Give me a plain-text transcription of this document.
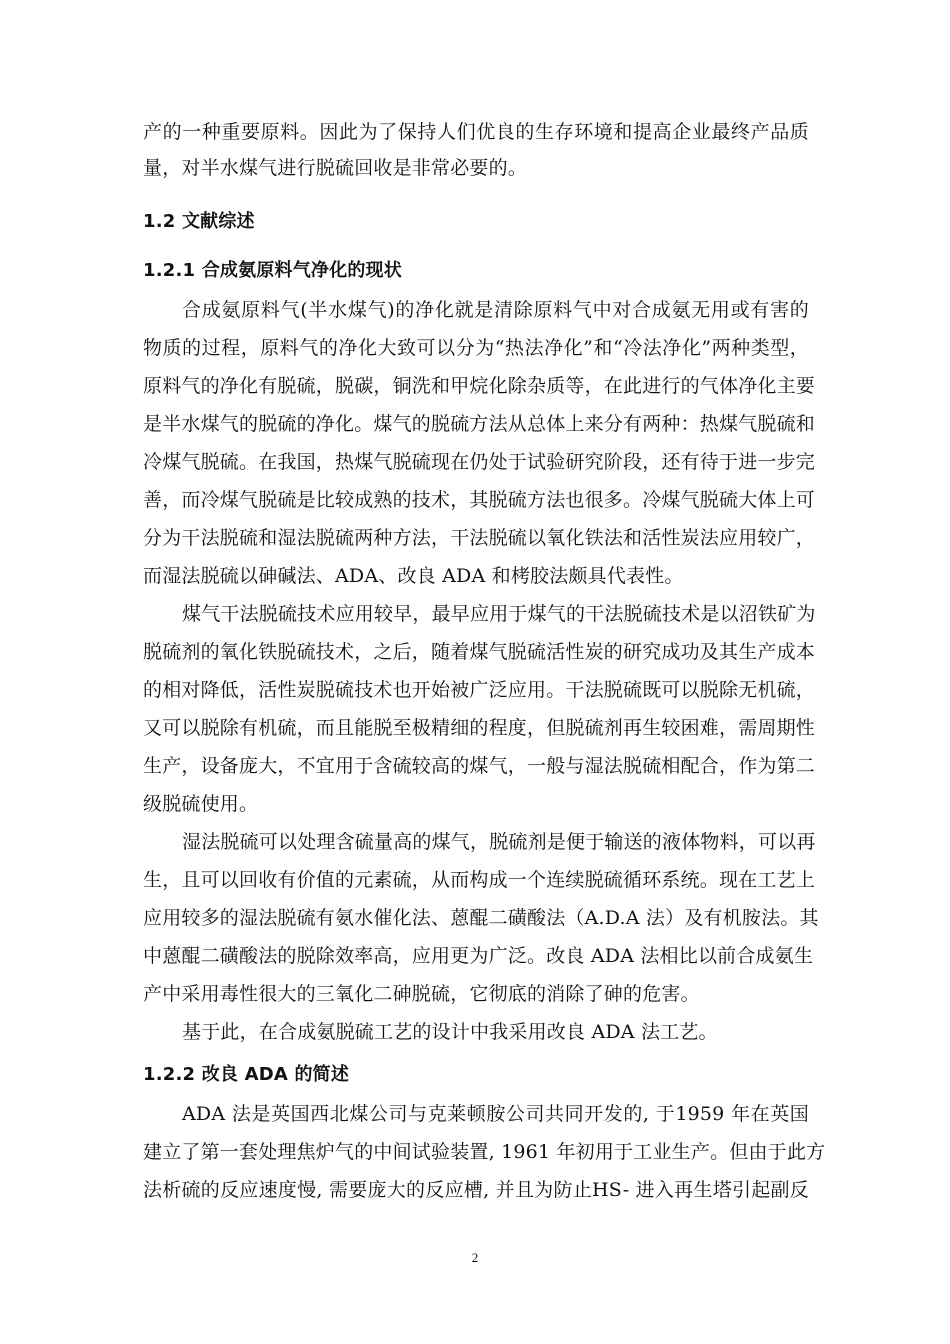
产的一种重要原料。因此为了保持人们优良的生存环境和提高企业最终产品质
量，对半水煤气进行脱硫回收是非常必要的。
1.2 文献综述
1.2.1 合成氨原料气净化的现状
合成氨原料气(半水煤气)的净化就是清除原料气中对合成氨无用或有害的
物质的过程，原料气的净化大致可以分为“热法净化”和“冷法净化”两种类型，
原料气的净化有脱硫，脱碳，铜洗和甲烷化除杂质等，在此进行的气体净化主要
是半水煤气的脱硫的净化。煤气的脱硫方法从总体上来分有两种：热煤气脱硫和
冷煤气脱硫。在我国，热煤气脱硫现在仍处于试验研究阶段，还有待于进一步完
善，而冷煤气脱硫是比较成熟的技术，其脱硫方法也很多。冷煤气脱硫大体上可
分为干法脱硫和湿法脱硫两种方法，干法脱硫以氧化铁法和活性炭法应用较广，
而湿法脱硫以砷碱法、ADA、改良 ADA 和栲胶法颇具代表性。
煤气干法脱硫技术应用较早，最早应用于煤气的干法脱硫技术是以沼铁矿为
脱硫剂的氧化铁脱硫技术，之后，随着煤气脱硫活性炭的研究成功及其生产成本
的相对降低，活性炭脱硫技术也开始被广泛应用。干法脱硫既可以脱除无机硫，
又可以脱除有机硫，而且能脱至极精细的程度，但脱硫剂再生较困难，需周期性
生产，设备庞大，不宜用于含硫较高的煤气，一般与湿法脱硫相配合，作为第二
级脱硫使用。
湿法脱硫可以处理含硫量高的煤气，脱硫剂是便于输送的液体物料，可以再
生，且可以回收有价值的元素硫，从而构成一个连续脱硫循环系统。现在工艺上
应用较多的湿法脱硫有氨水催化法、蒽醌二磺酸法（A.D.A 法）及有机胺法。其
中蒽醌二磺酸法的脱除效率高，应用更为广泛。改良 ADA 法相比以前合成氨生
产中采用毒性很大的三氧化二砷脱硫，它彻底的消除了砷的危害。
基于此，在合成氨脱硫工艺的设计中我采用改良 ADA 法工艺。
1.2.2 改良 ADA 的简述
ADA 法是英国西北煤公司与克莱顿胺公司共同开发的, 于1959 年在英国
建立了第一套处理焦炉气的中间试验装置, 1961 年初用于工业生产。但由于此方
法析硫的反应速度慢, 需要庞大的反应槽, 并且为防止HS- 进入再生塔引起副反
2
